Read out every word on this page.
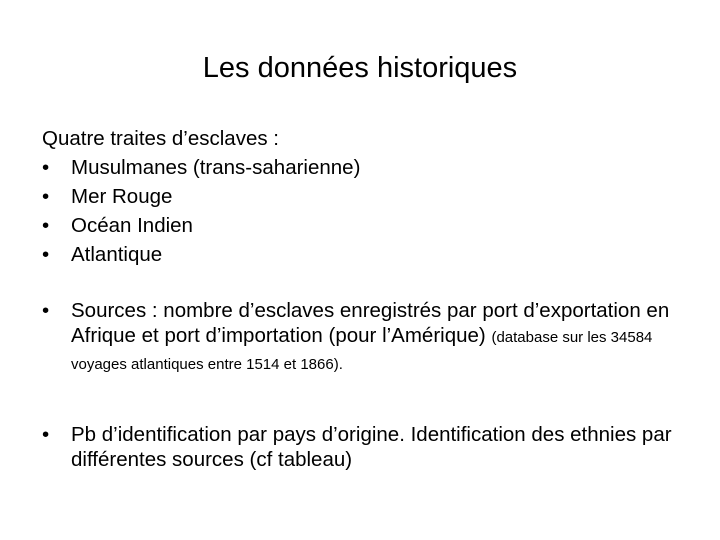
Les données historiques

Quatre traites d’esclaves :

• Musulmanes (trans-saharienne)
• Mer Rouge
• Océan Indien
• Atlantique
• Sources : nombre d’esclaves enregistrés par port d’exportation en Afrique et port d’importation (pour l’Amérique) (database sur les 34584 voyages atlantiques entre 1514 et 1866).
• Pb d’identification par pays d’origine. Identification des ethnies par différentes sources (cf tableau)
